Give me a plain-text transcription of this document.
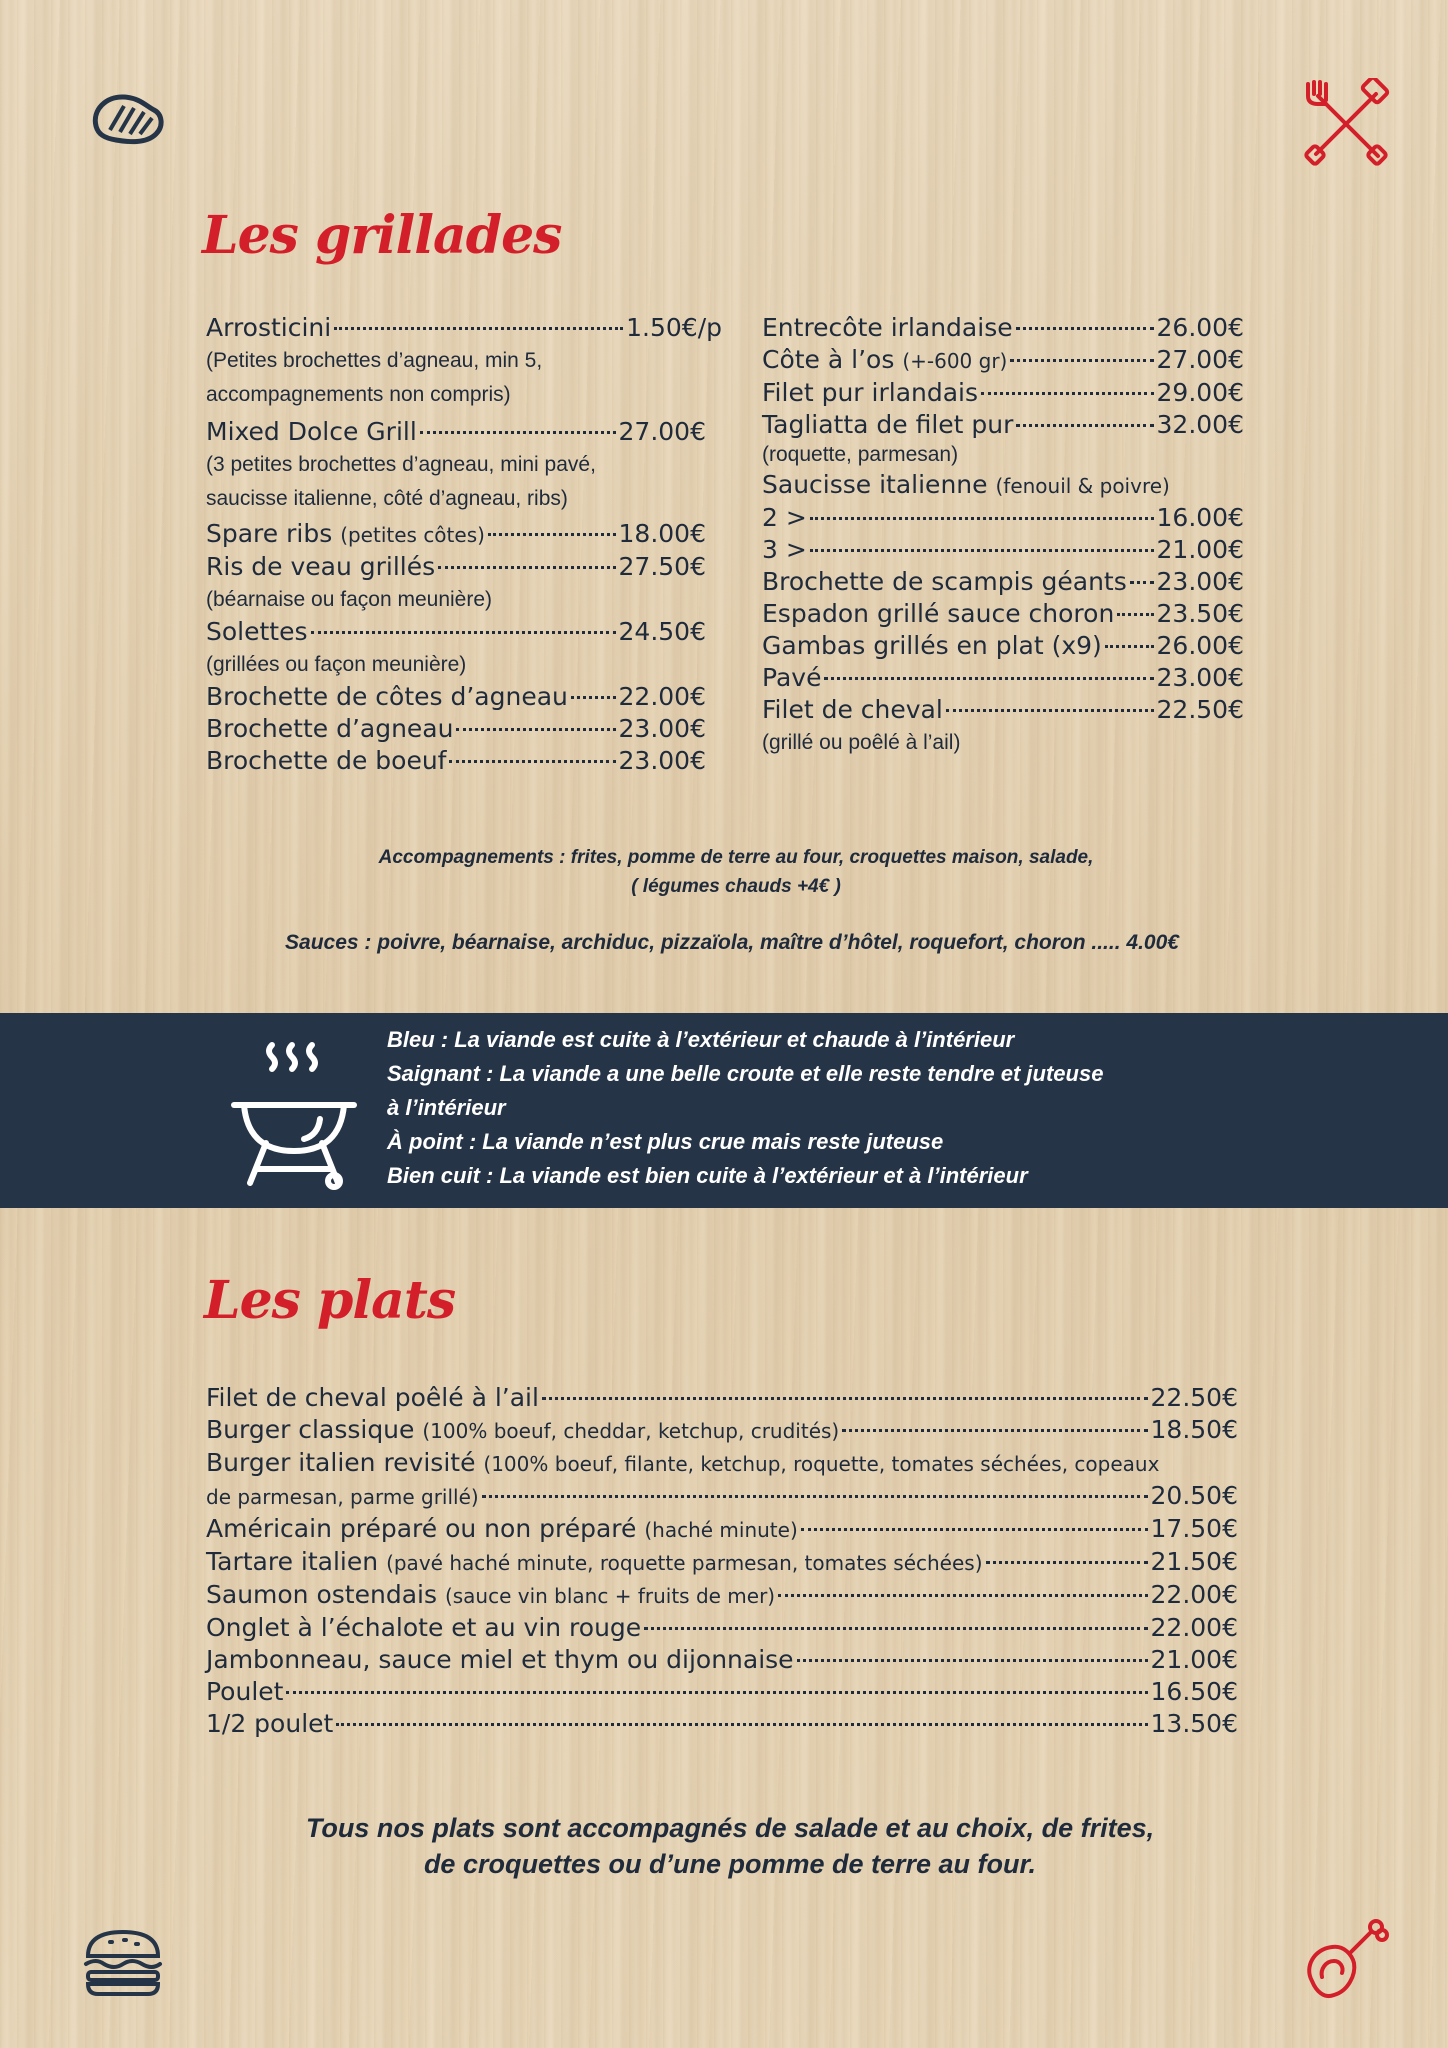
Les grillades
Arrosticini	1.50€/p
(Petites brochettes d’agneau, min 5, accompagnements non compris)
Mixed Dolce Grill	27.00€
(3 petites brochettes d’agneau, mini pavé, saucisse italienne, côté d’agneau, ribs)
Spare ribs
(petites côtes)	18.00€
Ris de veau grillés	27.50€
(béarnaise ou façon meunière)
Solettes	24.50€
(grillées ou façon meunière)
Brochette de côtes d’agneau 22.00€
Brochette d’agneau	23.00€
Brochette de boeuf	23.00€
Entrecôte irlandaise	26.00€
Côte à l’os
(+-600 gr)	27.00€
Filet pur irlandais	29.00€
Tagliatta de filet pur	32.00€
(roquette, parmesan)
Saucisse italienne
(fenouil & poivre)
2 >	16.00€
3 >	21.00€
Brochette de scampis géants 23.00€
Espadon grillé sauce choron 23.50€
Gambas grillés en plat (x9) 26.00€
Pavé	23.00€
Filet de cheval	22.50€
(grillé ou poêlé à l’ail)
Accompagnements : frites, pomme de terre au four, croquettes maison, salade,
( légumes chauds +4€ )
Sauces : poivre, béarnaise, archiduc, pizzaïola, maître d’hôtel, roquefort, choron ..... 4.00€
Bleu : La viande est cuite à l’extérieur et chaude à l’intérieur
Saignant : La viande a une belle croute et elle reste tendre et juteuse
à l’intérieur
À point : La viande n’est plus crue mais reste juteuse
Bien cuit : La viande est bien cuite à l’extérieur et à l’intérieur
Les plats
Filet de cheval poêlé à l’ail	22.50€
Burger classique
(100% boeuf, cheddar, ketchup, crudités)	18.50€
Burger italien revisité
(100% boeuf, filante, ketchup, roquette, tomates séchées, copeaux
de parmesan, parme grillé)	20.50€
Américain préparé ou non préparé
(haché minute)	17.50€
Tartare italien
(pavé haché minute, roquette parmesan, tomates séchées)	21.50€
Saumon ostendais
(sauce vin blanc + fruits de mer)	22.00€
Onglet à l’échalote et au vin rouge	22.00€
Jambonneau, sauce miel et thym ou dijonnaise	21.00€
Poulet	16.50€
1/2 poulet	13.50€
Tous nos plats sont accompagnés de salade et au choix, de frites,
de croquettes ou d’une pomme de terre au four.
